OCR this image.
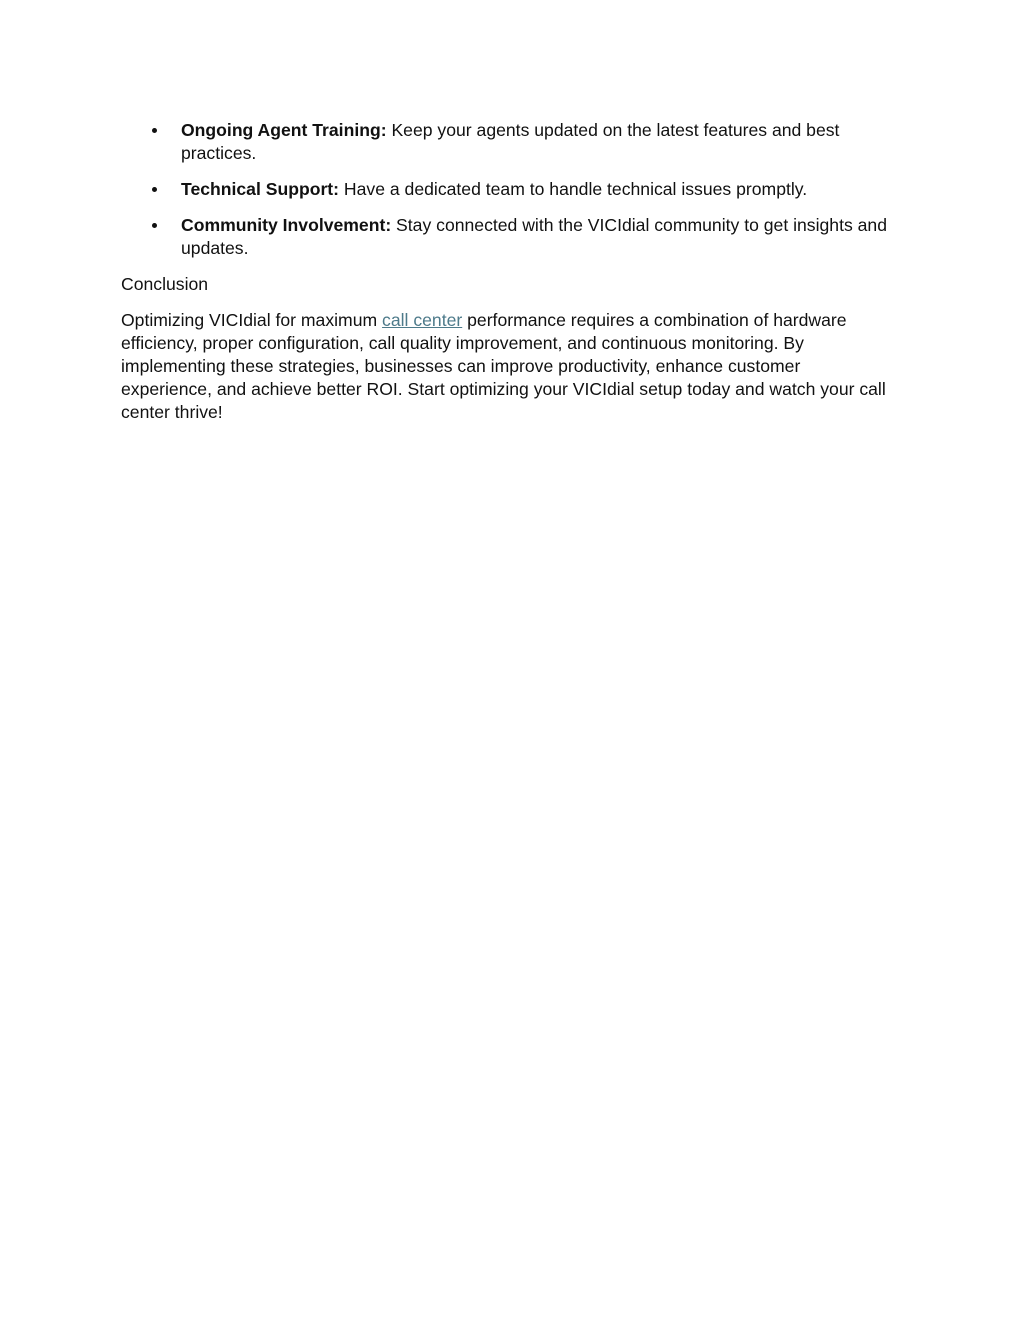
Ongoing Agent Training: Keep your agents updated on the latest features and best practices.
Technical Support: Have a dedicated team to handle technical issues promptly.
Community Involvement: Stay connected with the VICIdial community to get insights and updates.
Conclusion

Optimizing VICIdial for maximum call center performance requires a combination of hardware efficiency, proper configuration, call quality improvement, and continuous monitoring. By implementing these strategies, businesses can improve productivity, enhance customer experience, and achieve better ROI. Start optimizing your VICIdial setup today and watch your call center thrive!
